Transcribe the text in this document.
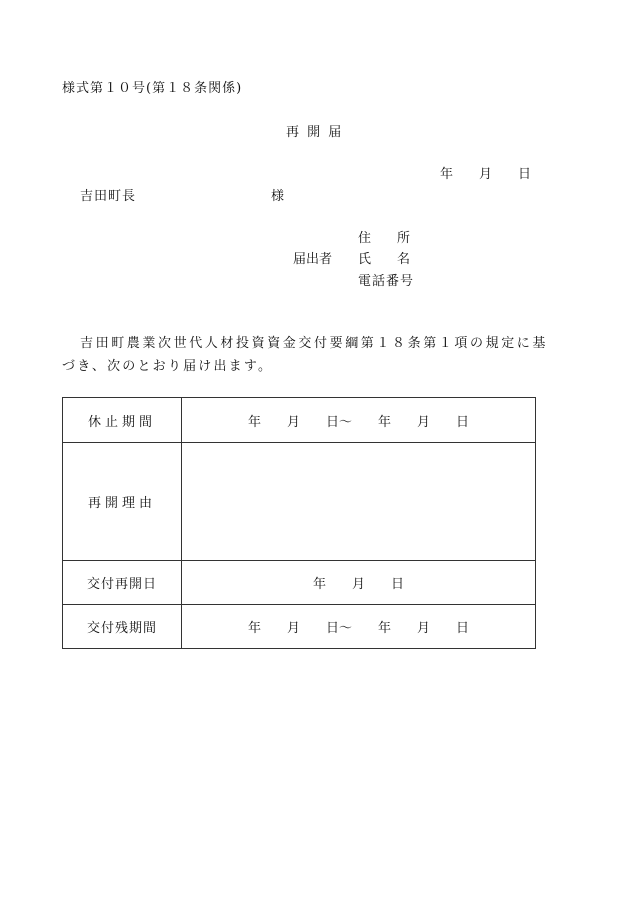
様式第１０号(第１８条関係)
再 開 届
年　　月　　日
吉田町長	様
住　　所
届出者 氏　　名
電話番号
吉田町農業次世代人材投資資金交付要綱第１８条第１項の規定に基
づき、次のとおり届け出ます。
休止期間	年　　月　　日～　　年　　月　　日
再開理由	
交付再開日	年　　月　　日
交付残期間	年　　月　　日～　　年　　月　　日
